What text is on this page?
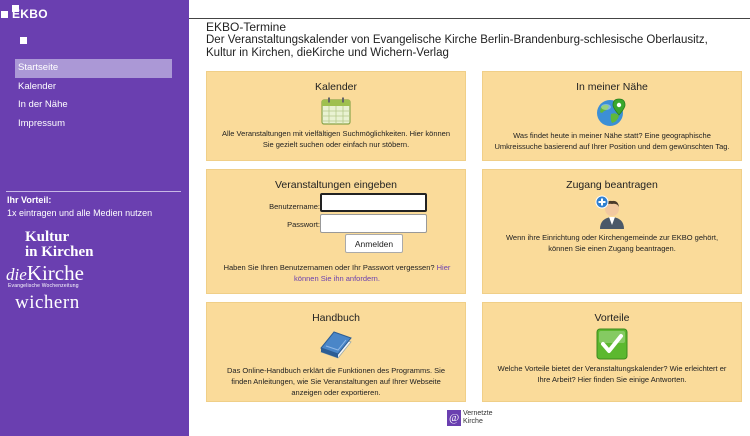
EKBO
Startseite
Kalender
In der Nähe
Impressum
Ihr Vorteil:
1x eintragen und alle Medien nutzen
Kultur
in Kirchen
dieKirche
Evangelische Wochenzeitung
wichern
EKBO-Termine
Der Veranstaltungskalender von Evangelische Kirche Berlin-Brandenburg-schlesische Oberlausitz, Kultur in Kirchen, dieKirche und Wichern-Verlag
Kalender
Alle Veranstaltungen mit vielfältigen Suchmöglichkeiten. Hier können Sie gezielt suchen oder einfach nur stöbern.
In meiner Nähe
Was findet heute in meiner Nähe statt? Eine geographische Umkreissuche basierend auf Ihrer Position und dem gewünschten Tag.
Veranstaltungen eingeben
Benutzername:
Passwort:
Anmelden
Haben Sie Ihren Benutzernamen oder Ihr Passwort vergessen? Hier können Sie ihn anfordern.
Zugang beantragen
Wenn ihre Einrichtung oder Kirchengemeinde zur EKBO gehört, können Sie einen Zugang beantragen.
Handbuch
Das Online-Handbuch erklärt die Funktionen des Programms. Sie finden Anleitungen, wie Sie Veranstaltungen auf Ihrer Webseite anzeigen oder exportieren.
Vorteile
Welche Vorteile bietet der Veranstaltungskalender? Wie erleichtert er Ihre Arbeit? Hier finden Sie einige Antworten.
@ Vernetzte
Kirche
